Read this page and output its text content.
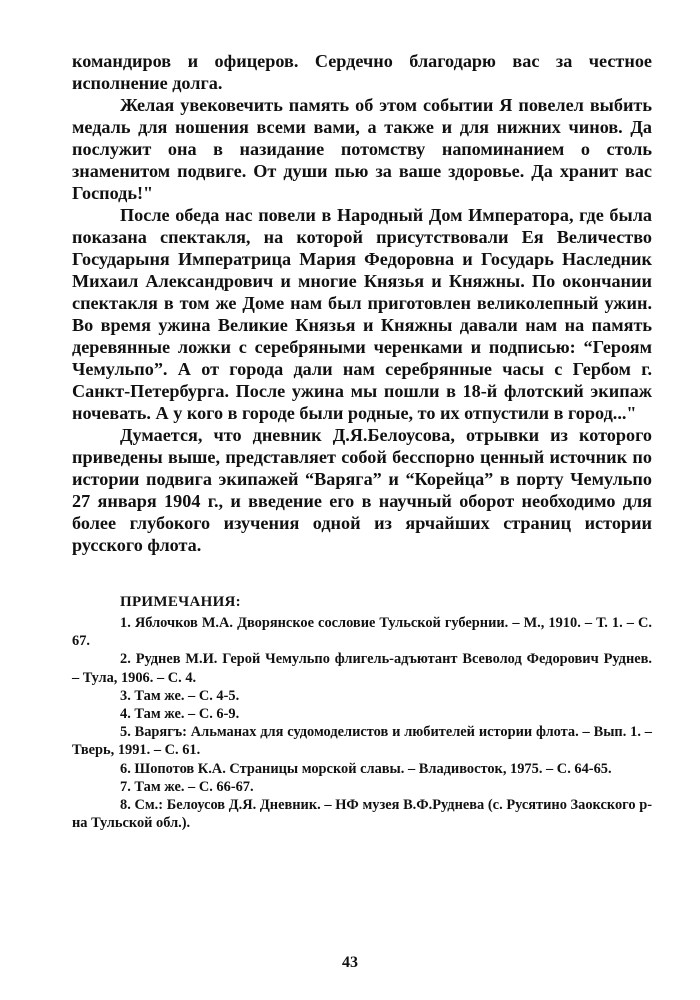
командиров и офицеров. Сердечно благодарю вас за честное исполнение долга.

Желая увековечить память об этом событии Я повелел выбить медаль для ношения всеми вами, а также и для нижних чинов. Да послужит она в назидание потомству напоминанием о столь знаменитом подвиге. От души пью за ваше здоровье. Да хранит вас Господь!"

После обеда нас повели в Народный Дом Императора, где была показана спектакля, на которой присутствовали Ея Величество Государыня Императрица Мария Федоровна и Государь Наследник Михаил Александрович и многие Князья и Княжны. По окончании спектакля в том же Доме нам был приготовлен великолепный ужин. Во время ужина Великие Князья и Княжны давали нам на память деревянные ложки с серебряными черенками и подписью: “Героям Чемульпо”. А от города дали нам серебрянные часы с Гербом г. Санкт-Петербурга. После ужина мы пошли в 18-й флотский экипаж ночевать. А у кого в городе были родные, то их отпустили в город..."

Думается, что дневник Д.Я.Белоусова, отрывки из которого приведены выше, представляет собой бесспорно ценный источник по истории подвига экипажей “Варяга” и “Корейца” в порту Чемульпо 27 января 1904 г., и введение его в научный оборот необходимо для более глубокого изучения одной из ярчайших страниц истории русского флота.

ПРИМЕЧАНИЯ:

1. Яблочков М.А. Дворянское сословие Тульской губернии. – М., 1910. – Т. 1. – С. 67.

2. Руднев М.И. Герой Чемульпо флигель-адъютант Всеволод Федорович Руднев. – Тула, 1906. – С. 4.

3. Там же. – С. 4-5.

4. Там же. – С. 6-9.

5. Варягъ: Альманах для судомоделистов и любителей истории флота. – Вып. 1. – Тверь, 1991. – С. 61.

6. Шопотов К.А. Страницы морской славы. – Владивосток, 1975. – С. 64-65.

7. Там же. – С. 66-67.

8. См.: Белоусов Д.Я. Дневник. – НФ музея В.Ф.Руднева (с. Русятино Заокского р-на Тульской обл.).

43
